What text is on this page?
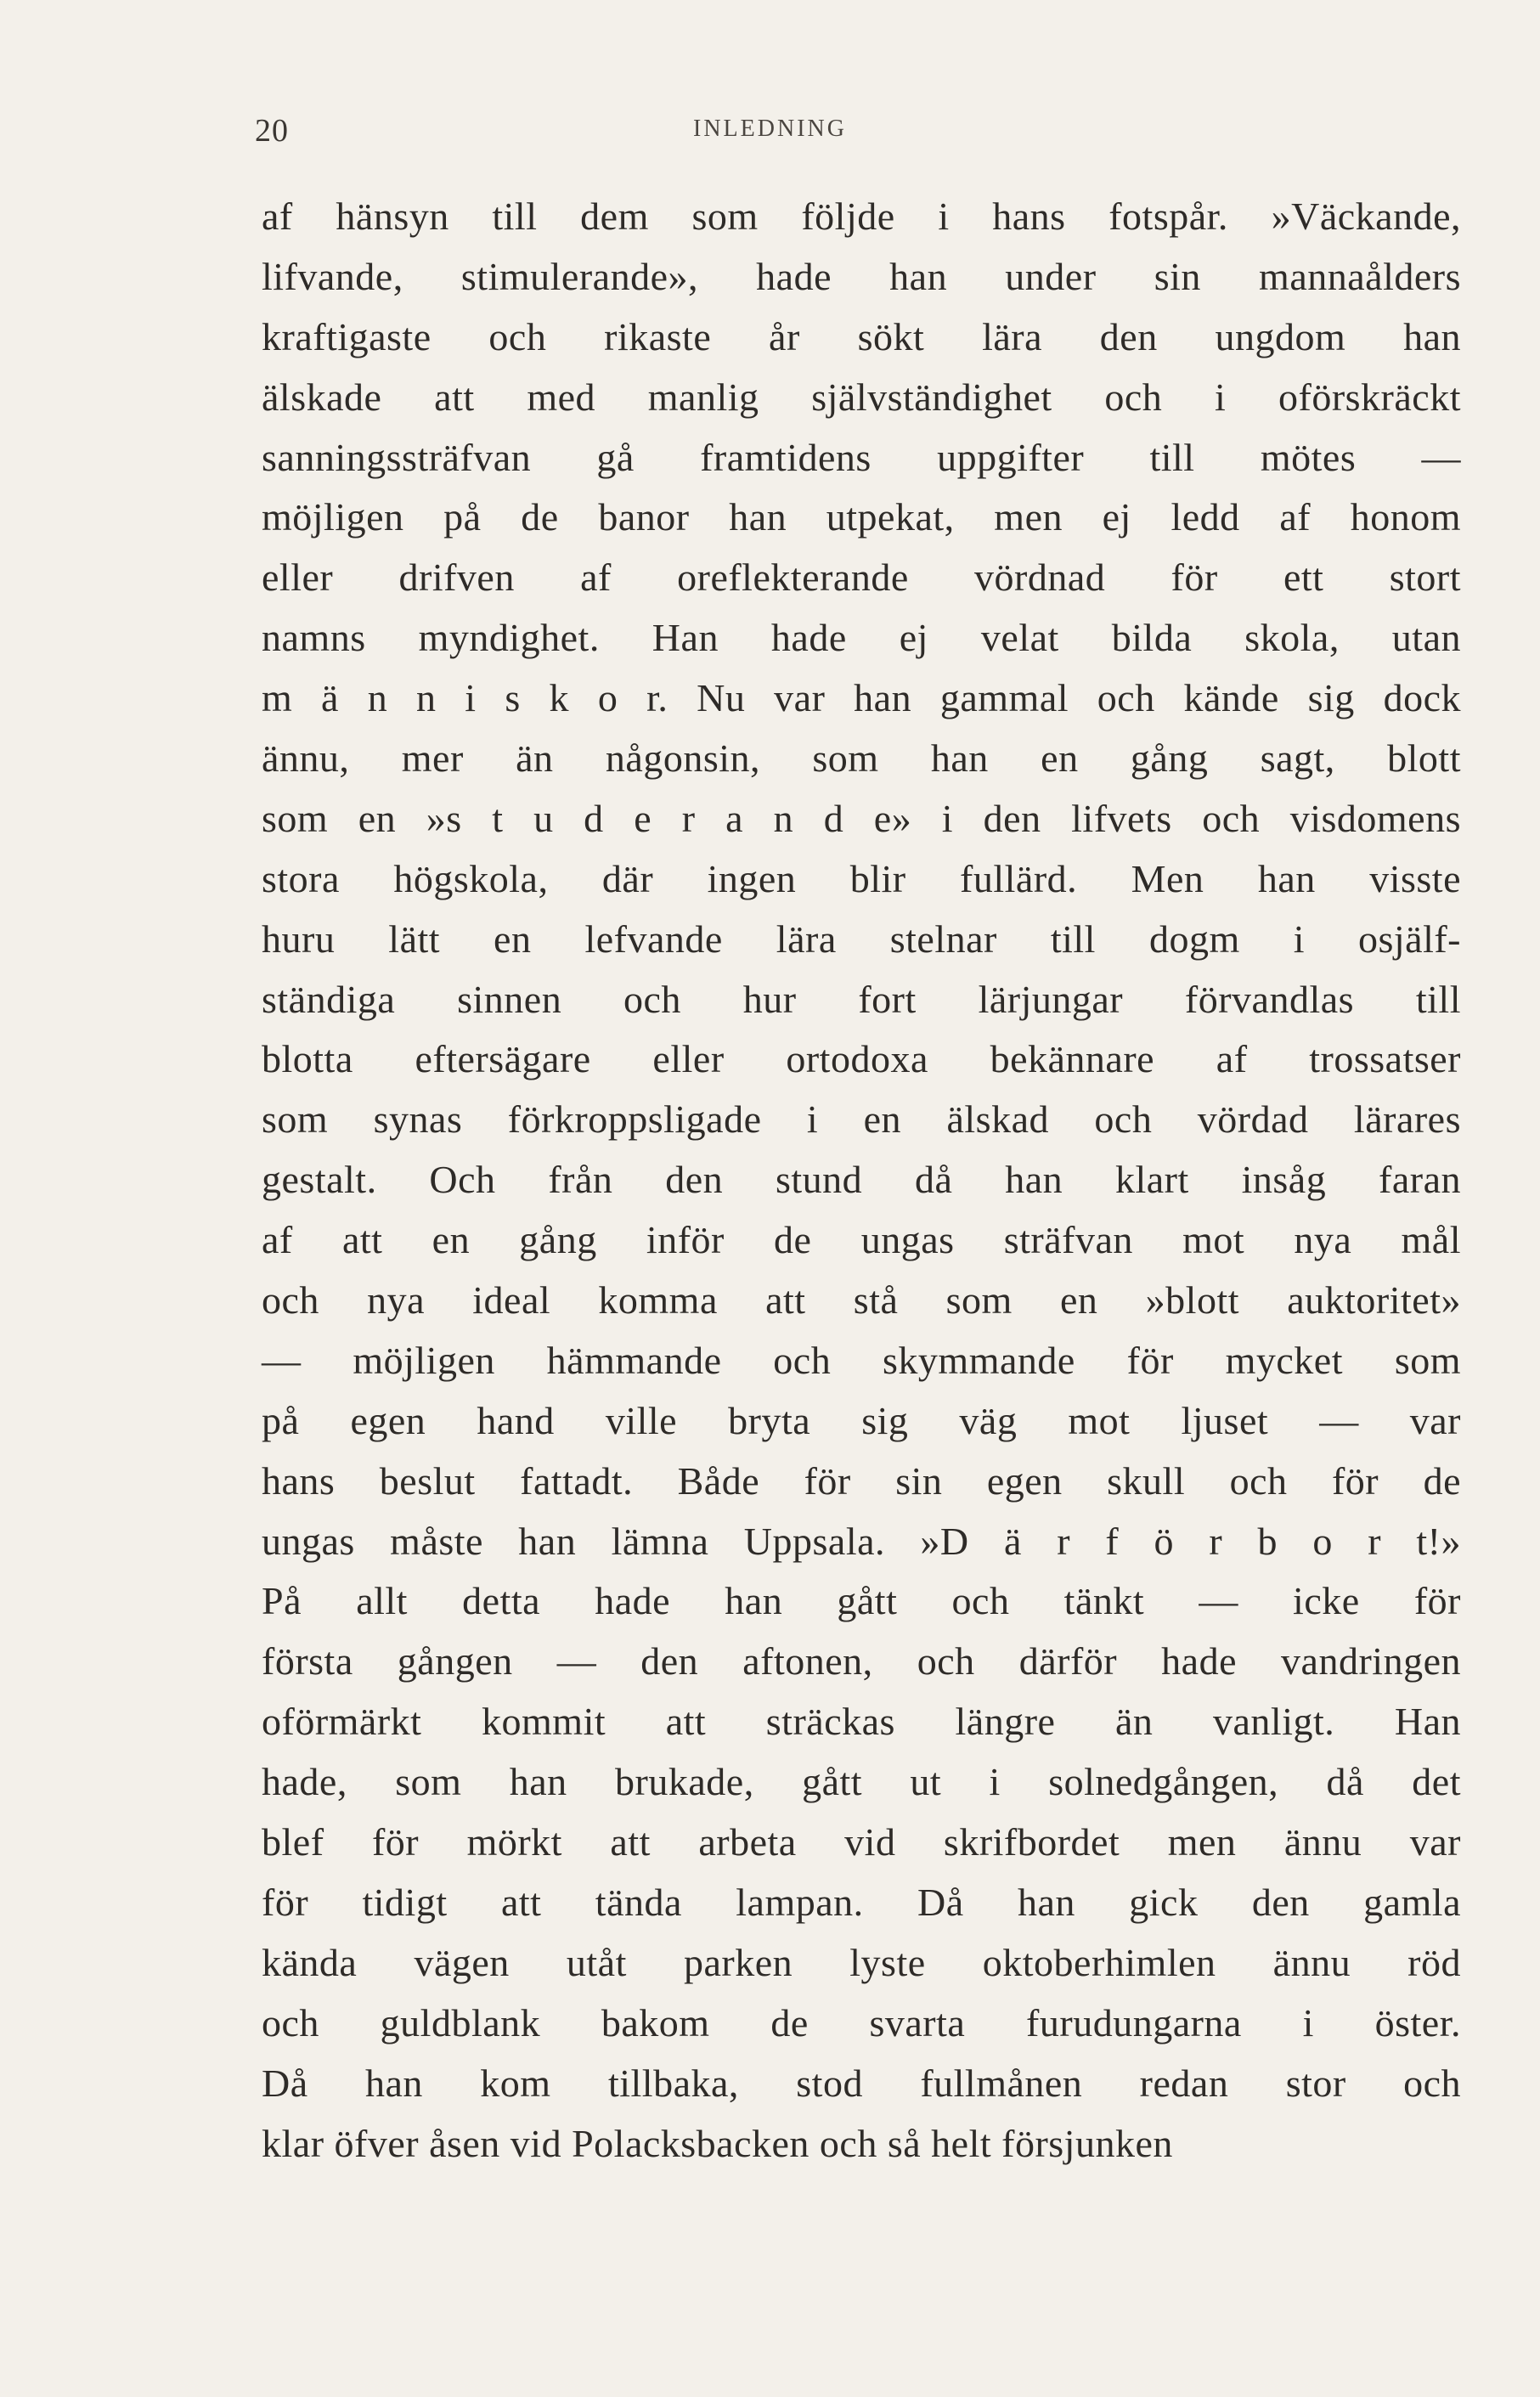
20	INLEDNING
af hänsyn till dem som följde i hans fotspår. »Väckande,
lifvande, stimulerande», hade han under sin mannaålders
kraftigaste och rikaste år sökt lära den ungdom han
älskade att med manlig självständighet och i oförskräckt
sanningssträfvan gå framtidens uppgifter till mötes —
möjligen på de banor han utpekat, men ej ledd af honom
eller drifven af oreflekterande vördnad för ett stort
namns myndighet. Han hade ej velat bilda skola, utan
m ä n n i s k o r. Nu var han gammal och kände sig dock
ännu, mer än någonsin, som han en gång sagt, blott
som en »s t u d e r a n d e» i den lifvets och visdomens
stora högskola, där ingen blir fullärd. Men han visste
huru lätt en lefvande lära stelnar till dogm i osjälf-
ständiga sinnen och hur fort lärjungar förvandlas till
blotta eftersägare eller ortodoxa bekännare af trossatser
som synas förkroppsligade i en älskad och vördad lärares
gestalt. Och från den stund då han klart insåg faran
af att en gång inför de ungas sträfvan mot nya mål
och nya ideal komma att stå som en »blott auktoritet»
— möjligen hämmande och skymmande för mycket som
på egen hand ville bryta sig väg mot ljuset — var
hans beslut fattadt. Både för sin egen skull och för de
ungas måste han lämna Uppsala. »D ä r f ö r b o r t!»
På allt detta hade han gått och tänkt — icke för
första gången — den aftonen, och därför hade vandringen
oförmärkt kommit att sträckas längre än vanligt. Han
hade, som han brukade, gått ut i solnedgången, då det
blef för mörkt att arbeta vid skrifbordet men ännu var
för tidigt att tända lampan. Då han gick den gamla
kända vägen utåt parken lyste oktoberhimlen ännu röd
och guldblank bakom de svarta furudungarna i öster.
Då han kom tillbaka, stod fullmånen redan stor och
klar öfver åsen vid Polacksbacken och så helt försjunken
